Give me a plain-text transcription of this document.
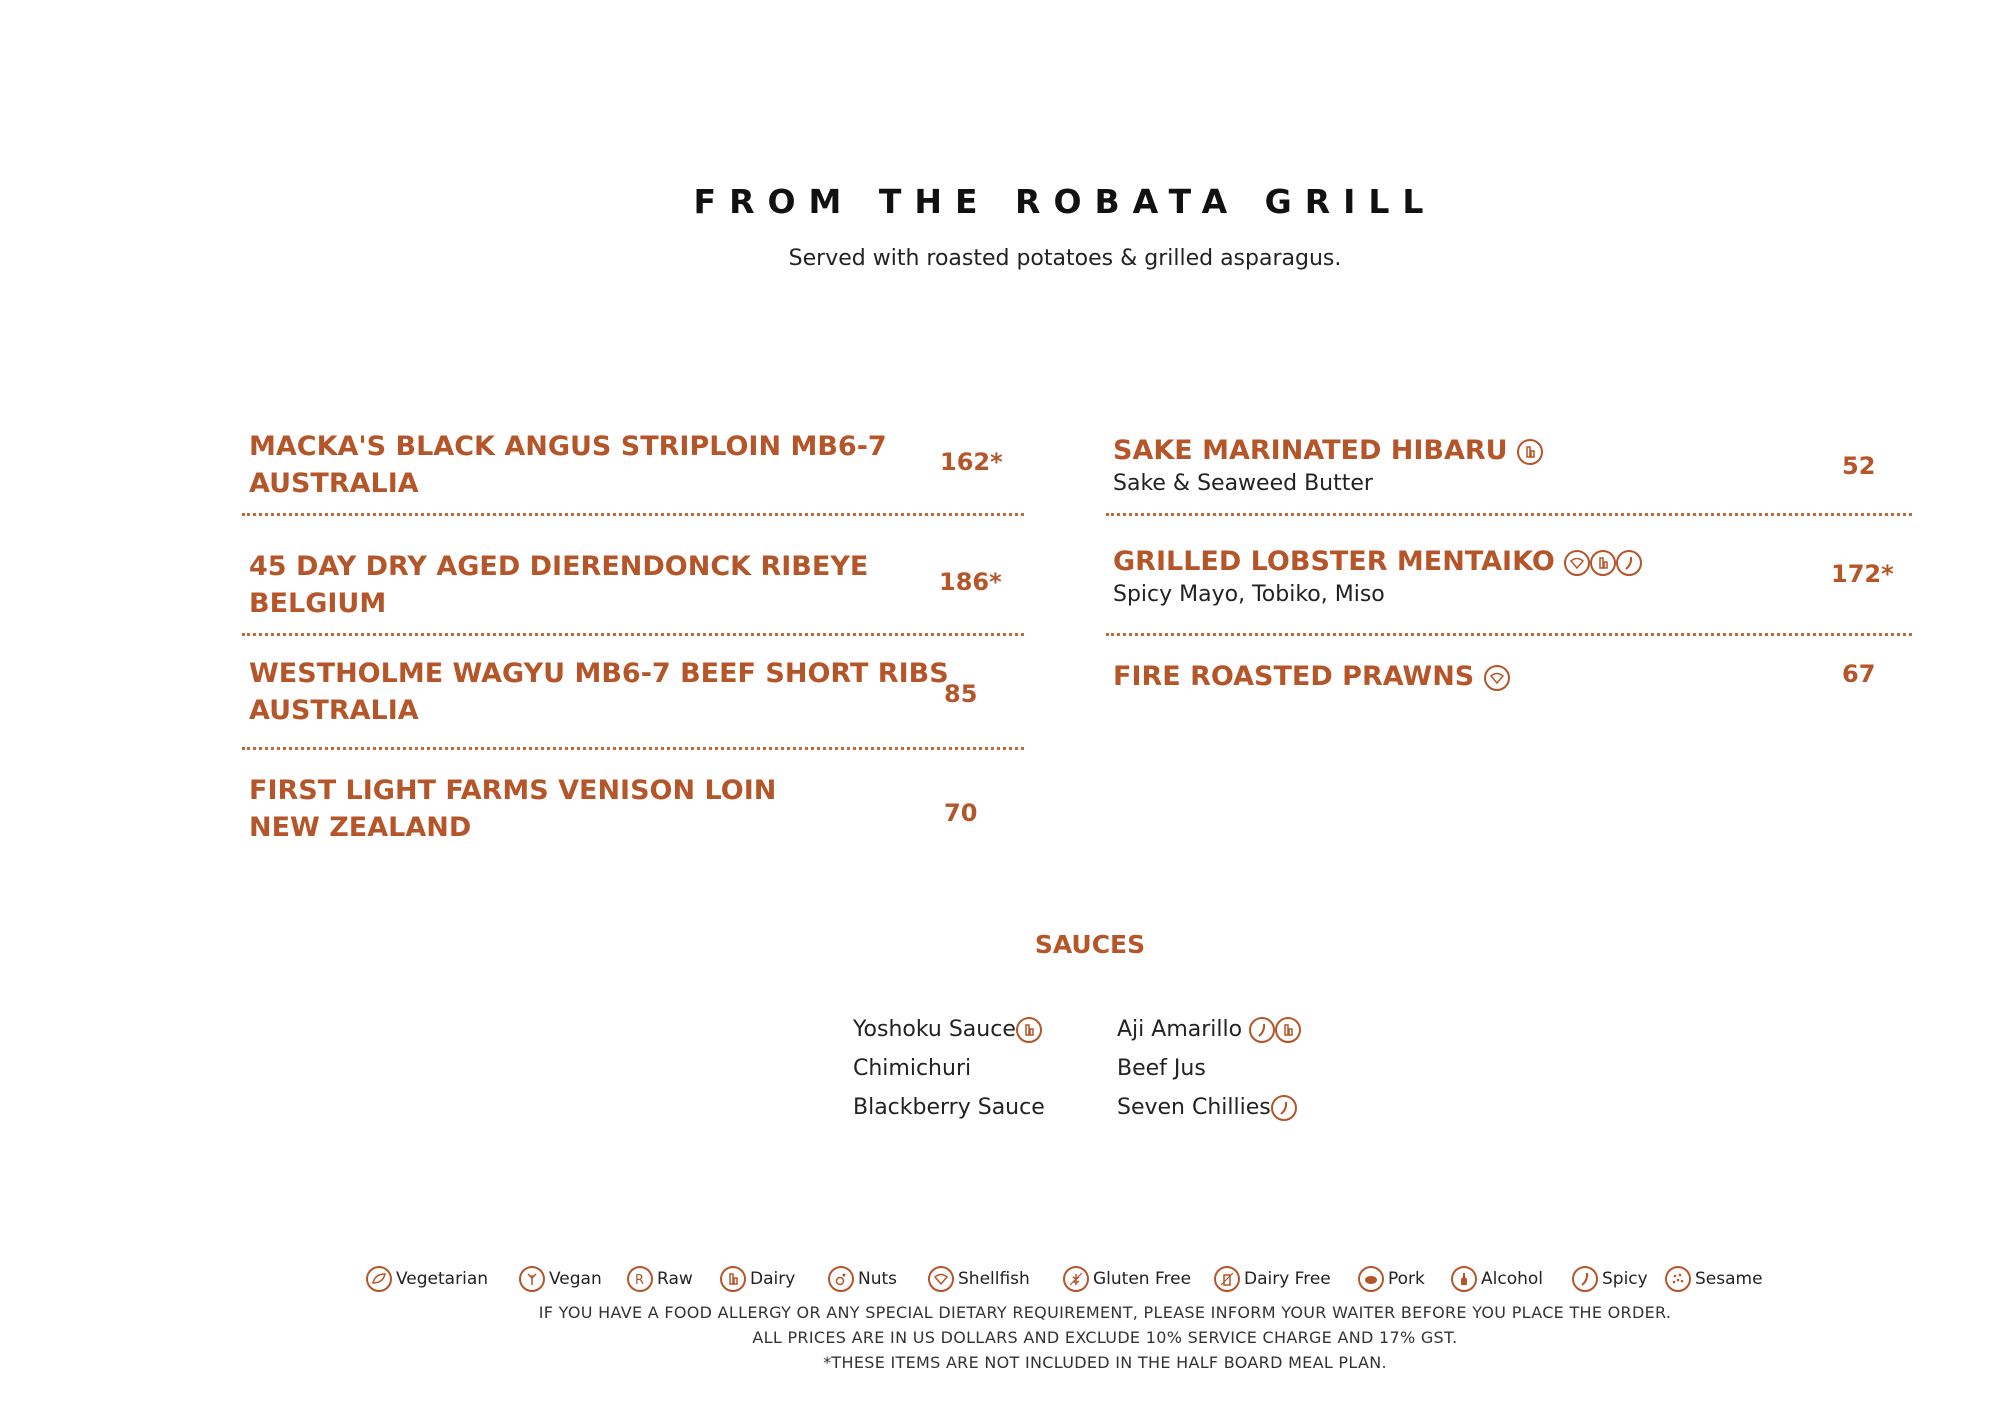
FROM THE ROBATA GRILL
Served with roasted potatoes & grilled asparagus.
MACKA'S BLACK ANGUS STRIPLOIN MB6-7
AUSTRALIA
162*
45 DAY DRY AGED DIERENDONCK RIBEYE
BELGIUM
186*
WESTHOLME WAGYU MB6-7 BEEF SHORT RIBS
AUSTRALIA
85
FIRST LIGHT FARMS VENISON LOIN
NEW ZEALAND	70
SAKE MARINATED HIBARU
Sake & Seaweed Butter
52
GRILLED LOBSTER MENTAIKO
Spicy Mayo, Tobiko, Miso
172*
FIRE ROASTED PRAWNS	67
SAUCES
Yoshoku Sauce
Chimichuri
Blackberry Sauce
Aji Amarillo
Beef Jus
Seven Chillies
Vegetarian	Vegan	R Raw	Dairy	Nuts	Shellfish	Gluten Free	Dairy Free	Pork	Alcohol	Spicy	Sesame
IF YOU HAVE A FOOD ALLERGY OR ANY SPECIAL DIETARY REQUIREMENT, PLEASE INFORM YOUR WAITER BEFORE YOU PLACE THE ORDER.
ALL PRICES ARE IN US DOLLARS AND EXCLUDE 10% SERVICE CHARGE AND 17% GST.
*THESE ITEMS ARE NOT INCLUDED IN THE HALF BOARD MEAL PLAN.
